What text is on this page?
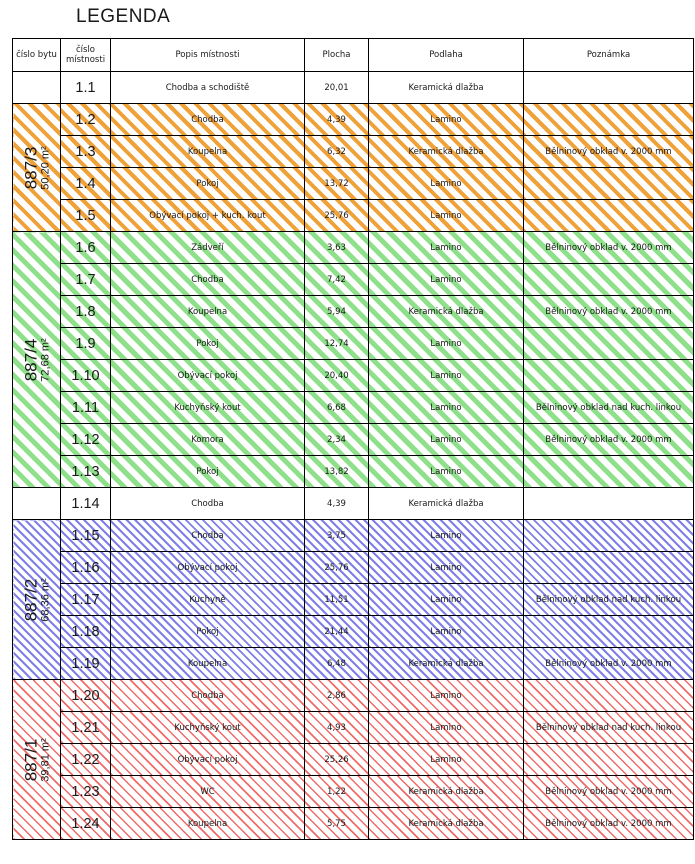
LEGENDA
číslo bytu	číslo místnosti	Popis místnosti	Plocha	Podlaha	Poznámka
	1.1	Chodba a schodiště	20,01	Keramická dlažba	

887/3
50,20 m²	1.2	Chodba	4,39	Lamino	
	1.3	Koupelna	6,32	Keramická dlažba	Bělninový obklad v. 2000 mm
	1.4	Pokoj	13,72	Lamino	
	1.5	Obývací pokoj + kuch. kout	25,76	Lamino	

887/4
72,68 m²	1.6	Zádveří	3,63	Lamino	Bělninový obklad v. 2000 mm
	1.7	Chodba	7,42	Lamino	
	1.8	Koupelna	5,94	Keramická dlažba	Bělninový obklad v. 2000 mm
	1.9	Pokoj	12,74	Lamino	
	1.10	Obývací pokoj	20,40	Lamino	
	1.11	Kuchyňský kout	6,68	Lamino	Bělninový obklad nad kuch. linkou
	1.12	Komora	2,34	Lamino	Bělninový obklad v. 2000 mm
	1.13	Pokoj	13,82	Lamino	
	1.14	Chodba	4,39	Keramická dlažba	

887/2
68,36 m²	1.15	Chodba	3,75	Lamino	
	1.16	Obývací pokoj	25,76	Lamino	
	1.17	Kuchyně	11,51	Lamino	Bělninový obklad nad kuch. linkou
	1.18	Pokoj	21,44	Lamino	
	1.19	Koupelna	6,48	Keramická dlažba	Bělninový obklad v. 2000 mm

887/1
39,81 m²	1.20	Chodba	2,86	Lamino	
	1.21	Kuchyňský kout	4,93	Lamino	Bělninový obklad nad kuch. linkou
	1.22	Obývací pokoj	25,26	Lamino	
	1.23	WC	1,22	Keramická dlažba	Bělninový obklad v. 2000 mm
	1.24	Koupelna	5,75	Keramická dlažba	Bělninový obklad v. 2000 mm
